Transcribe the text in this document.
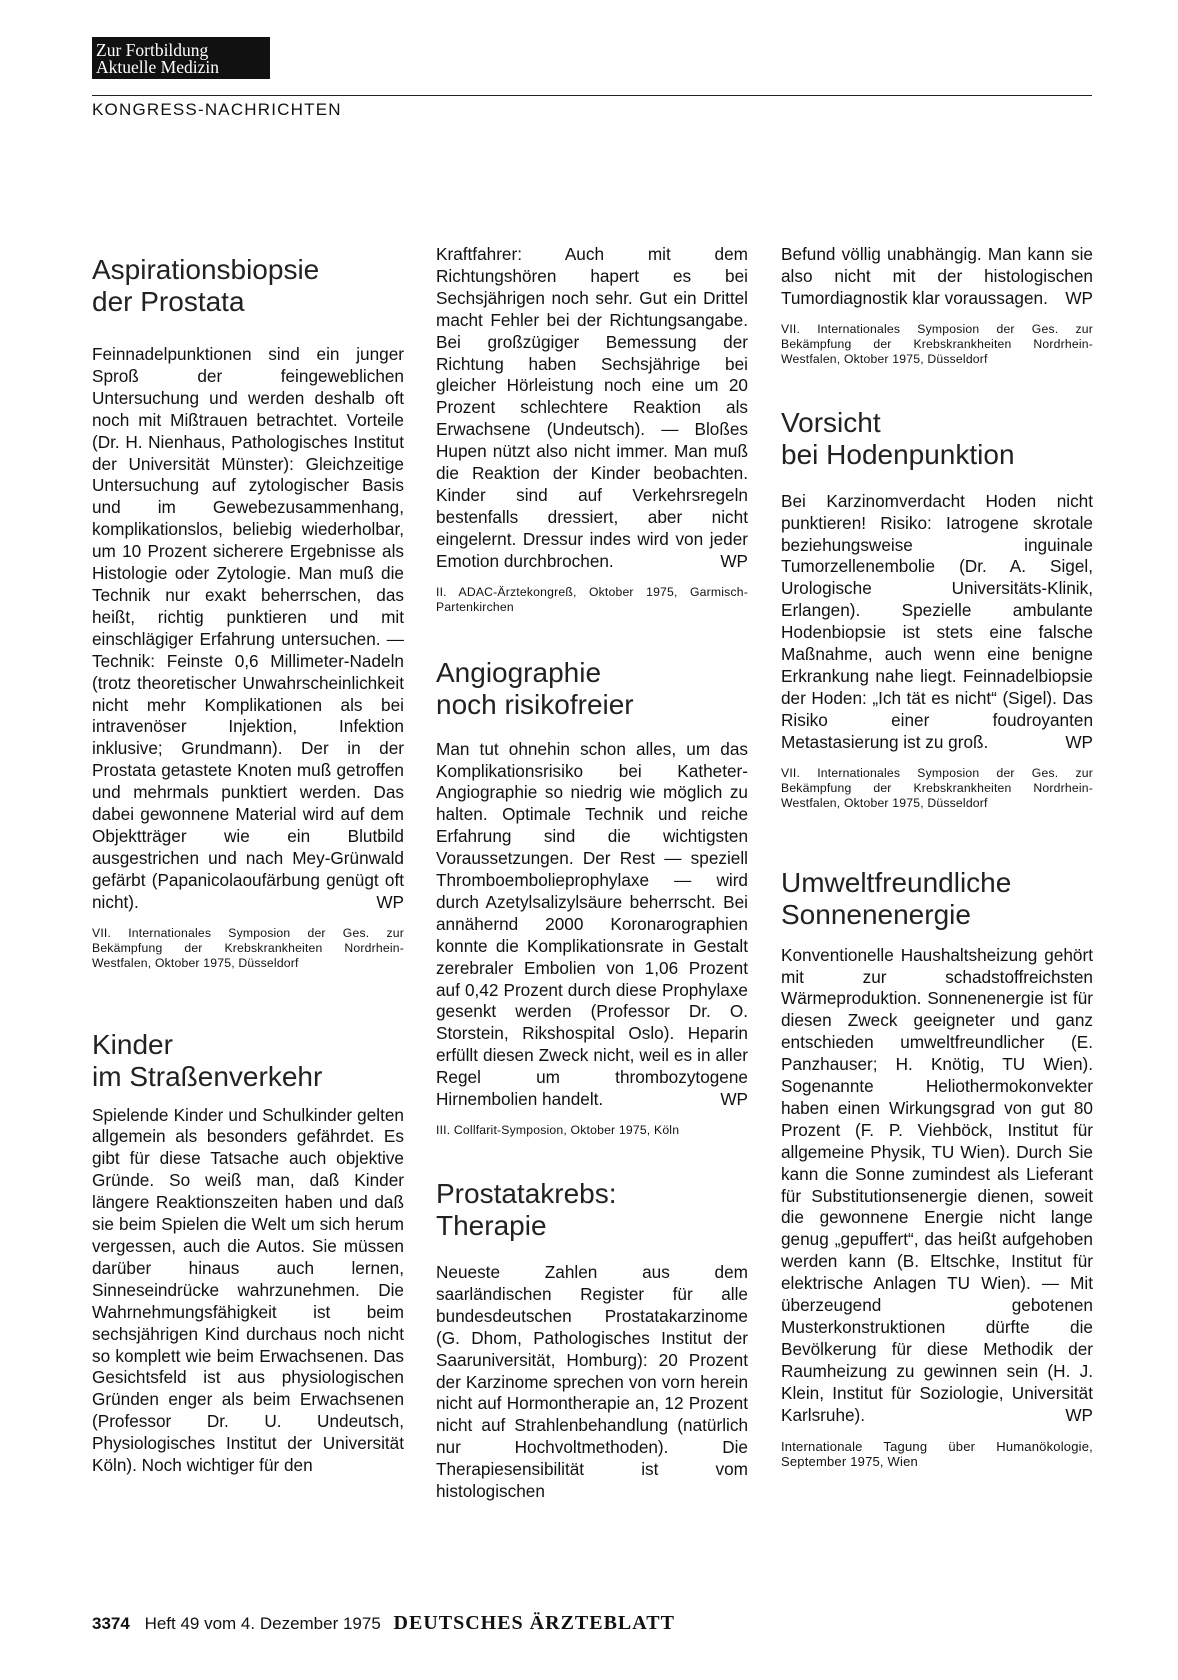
Zur Fortbildung
Aktuelle Medizin
KONGRESS-NACHRICHTEN
Aspirationsbiopsie
der Prostata

Feinnadelpunktionen sind ein junger Sproß der feingeweblichen Untersuchung und werden deshalb oft noch mit Mißtrauen betrachtet. Vorteile (Dr. H. Nienhaus, Pathologisches Institut der Universität Münster): Gleichzeitige Untersuchung auf zytologischer Basis und im Gewebezusammenhang, komplikationslos, beliebig wiederholbar, um 10 Prozent sicherere Ergebnisse als Histologie oder Zytologie. Man muß die Technik nur exakt beherrschen, das heißt, richtig punktieren und mit einschlägiger Erfahrung untersuchen. — Technik: Feinste 0,6 Millimeter-Nadeln (trotz theoretischer Unwahrscheinlichkeit nicht mehr Komplikationen als bei intravenöser Injektion, Infektion inklusive; Grundmann). Der in der Prostata getastete Knoten muß getroffen und mehrmals punktiert werden. Das dabei gewonnene Material wird auf dem Objektträger wie ein Blutbild ausgestrichen und nach Mey-Grünwald gefärbt (Papanicolaoufärbung genügt oft nicht).	WP

VII. Internationales Symposion der Ges. zur Bekämpfung der Krebskrankheiten Nordrhein-Westfalen, Oktober 1975, Düsseldorf

Kinder
im Straßenverkehr

Spielende Kinder und Schulkinder gelten allgemein als besonders gefährdet. Es gibt für diese Tatsache auch objektive Gründe. So weiß man, daß Kinder längere Reaktionszeiten haben und daß sie beim Spielen die Welt um sich herum vergessen, auch die Autos. Sie müssen darüber hinaus auch lernen, Sinneseindrücke wahrzunehmen. Die Wahrnehmungsfähigkeit ist beim sechsjährigen Kind durchaus noch nicht so komplett wie beim Erwachsenen. Das Gesichtsfeld ist aus physiologischen Gründen enger als beim Erwachsenen (Professor Dr. U. Undeutsch, Physiologisches Institut der Universität Köln). Noch wichtiger für den

Kraftfahrer: Auch mit dem Richtungshören hapert es bei Sechsjährigen noch sehr. Gut ein Drittel macht Fehler bei der Richtungsangabe. Bei großzügiger Bemessung der Richtung haben Sechsjährige bei gleicher Hörleistung noch eine um 20 Prozent schlechtere Reaktion als Erwachsene (Undeutsch). — Bloßes Hupen nützt also nicht immer. Man muß die Reaktion der Kinder beobachten. Kinder sind auf Verkehrsregeln bestenfalls dressiert, aber nicht eingelernt. Dressur indes wird von jeder Emotion durchbrochen.	WP

II. ADAC-Ärztekongreß, Oktober 1975, Garmisch-Partenkirchen

Angiographie
noch risikofreier

Man tut ohnehin schon alles, um das Komplikationsrisiko bei Katheter-Angiographie so niedrig wie möglich zu halten. Optimale Technik und reiche Erfahrung sind die wichtigsten Voraussetzungen. Der Rest — speziell Thromboembolieprophylaxe — wird durch Azetylsalizylsäure beherrscht. Bei annähernd 2000 Koronarographien konnte die Komplikationsrate in Gestalt zerebraler Embolien von 1,06 Prozent auf 0,42 Prozent durch diese Prophylaxe gesenkt werden (Professor Dr. O. Storstein, Rikshospital Oslo). Heparin erfüllt diesen Zweck nicht, weil es in aller Regel um thrombozytogene Hirnembolien handelt.	WP

III. Collfarit-Symposion, Oktober 1975, Köln

Prostatakrebs:
Therapie

Neueste Zahlen aus dem saarländischen Register für alle bundesdeutschen Prostatakarzinome (G. Dhom, Pathologisches Institut der Saaruniversität, Homburg): 20 Prozent der Karzinome sprechen von vorn herein nicht auf Hormontherapie an, 12 Prozent nicht auf Strahlenbehandlung (natürlich nur Hochvoltmethoden). Die Therapiesensibilität ist vom histologischen

Befund völlig unabhängig. Man kann sie also nicht mit der histologischen Tumordiagnostik klar voraussagen. WP

VII. Internationales Symposion der Ges. zur Bekämpfung der Krebskrankheiten Nordrhein-Westfalen, Oktober 1975, Düsseldorf

Vorsicht
bei Hodenpunktion

Bei Karzinomverdacht Hoden nicht punktieren! Risiko: Iatrogene skrotale beziehungsweise inguinale Tumorzellenembolie (Dr. A. Sigel, Urologische Universitäts-Klinik, Erlangen). Spezielle ambulante Hodenbiopsie ist stets eine falsche Maßnahme, auch wenn eine benigne Erkrankung nahe liegt. Feinnadelbiopsie der Hoden: „Ich tät es nicht“ (Sigel). Das Risiko einer foudroyanten Metastasierung ist zu groß.	WP

VII. Internationales Symposion der Ges. zur Bekämpfung der Krebskrankheiten Nordrhein-Westfalen, Oktober 1975, Düsseldorf

Umweltfreundliche
Sonnenenergie

Konventionelle Haushaltsheizung gehört mit zur schadstoffreichsten Wärmeproduktion. Sonnenenergie ist für diesen Zweck geeigneter und ganz entschieden umweltfreundlicher (E. Panzhauser; H. Knötig, TU Wien). Sogenannte Heliothermokonvekter haben einen Wirkungsgrad von gut 80 Prozent (F. P. Viehböck, Institut für allgemeine Physik, TU Wien). Durch Sie kann die Sonne zumindest als Lieferant für Substitutionsenergie dienen, soweit die gewonnene Energie nicht lange genug „gepuffert“, das heißt aufgehoben werden kann (B. Eltschke, Institut für elektrische Anlagen TU Wien). — Mit überzeugend gebotenen Musterkonstruktionen dürfte die Bevölkerung für diese Methodik der Raumheizung zu gewinnen sein (H. J. Klein, Institut für Soziologie, Universität Karlsruhe).	WP

Internationale Tagung über Humanökologie, September 1975, Wien

3374 Heft 49 vom 4. Dezember 1975 DEUTSCHES ÄRZTEBLATT
